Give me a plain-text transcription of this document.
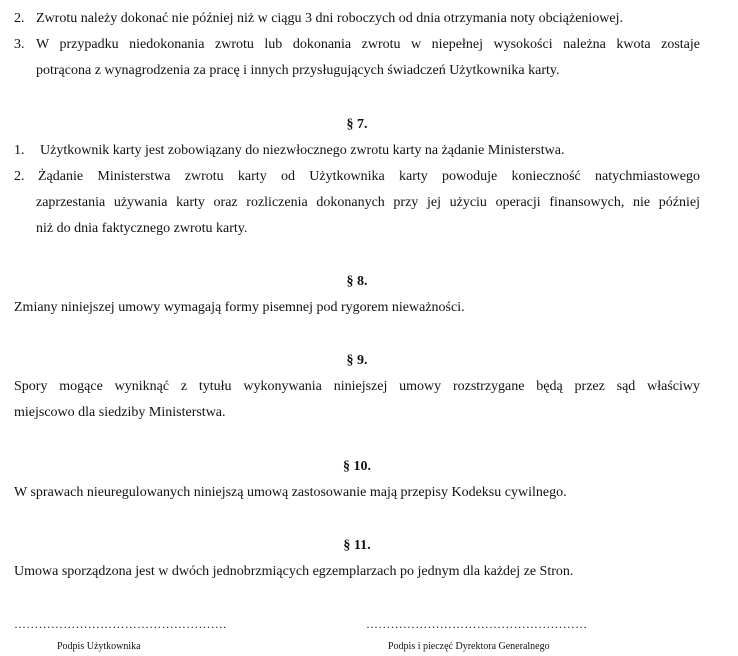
2. Zwrotu należy dokonać nie później niż w ciągu 3 dni roboczych od dnia otrzymania noty obciążeniowej.
3. W przypadku niedokonania zwrotu lub dokonania zwrotu w niepełnej wysokości należna kwota zostaje
potrącona z wynagrodzenia za pracę i innych przysługujących świadczeń Użytkownika karty.
§ 7.
1. Użytkownik karty jest zobowiązany do niezwłocznego zwrotu karty na żądanie Ministerstwa.
2. Żądanie Ministerstwa zwrotu karty od Użytkownika karty powoduje konieczność natychmiastowego
zaprzestania używania karty oraz rozliczenia dokonanych przy jej użyciu operacji finansowych, nie później
niż do dnia faktycznego zwrotu karty.
§ 8.
Zmiany niniejszej umowy wymagają formy pisemnej pod rygorem nieważności.
§ 9.
Spory mogące wyniknąć z tytułu wykonywania niniejszej umowy rozstrzygane będą przez sąd właściwy
miejscowo dla siedziby Ministerstwa.
§ 10.
W sprawach nieuregulowanych niniejszą umową zastosowanie mają przepisy Kodeksu cywilnego.
§ 11.
Umowa sporządzona jest w dwóch jednobrzmiących egzemplarzach po jednym dla każdej ze Stron.
…………………………………………….	………………………………………………
Podpis Użytkownika	Podpis i pieczęć Dyrektora Generalnego
